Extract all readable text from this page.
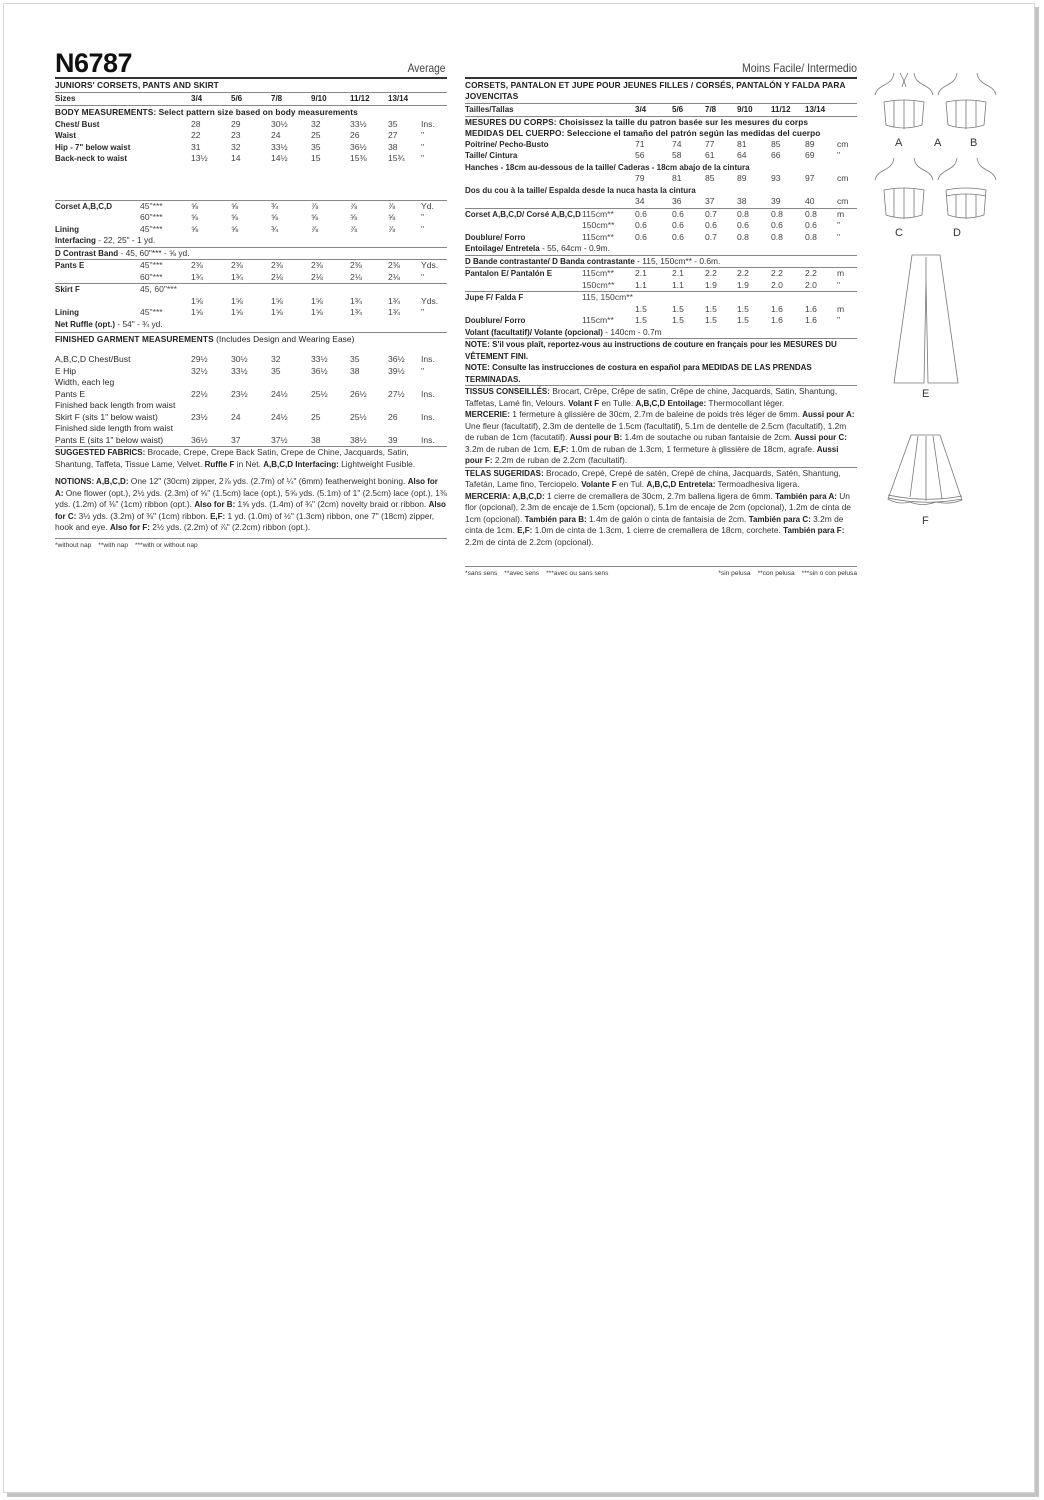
N6787	Average
JUNIORS' CORSETS, PANTS AND SKIRT
Sizes	3/4	5/6	7/8	9/10	11/12 13/14
BODY MEASUREMENTS: Select pattern size based on body measurements
Chest/ Bust	28	29	30½	32	33½ 35	Ins.
Waist	22	23	24	25	26	27	"
Hip - 7" below waist	31	32	33½	35	36½ 38	"
Back-neck to waist	13½	14	14½	15	15⅜ 15¾ "
Corset A,B,C,D	45"***	⅝	⅝	¾	⅞	⅞	⅞	Yd.
60"***	⅝	⅝	⅝	⅝	⅝	⅝	"
Lining	45"***	⅝	⅝	¾	⅞	⅞	⅞	"
Interfacing - 22, 25" - 1 yd.
D Contrast Band - 45, 60"*** - ⅝ yd.
Pants E	45"***	2⅜	2⅜	2⅜	2⅜	2⅜	2⅜ Yds.
60"***	1¾	1¾	2⅛	2⅛	2⅛	2⅛ "
Skirt F	45, 60"***
1⅝	1⅝	1⅝	1⅝	1¾	1¾ Yds.
Lining	45"***	1⅝	1⅝	1⅝	1⅝	1¾	1¾ "
Net Ruffle (opt.) - 54" - ¾ yd.
FINISHED GARMENT MEASUREMENTS (Includes Design and Wearing Ease)
A,B,C,D Chest/Bust	29½	30½	32	33½	35	36½ Ins.
E Hip	32½	33½	35	36½	38	39½ "
Width, each leg
Pants E	22½	23½	24½	25½	26½ 27½ Ins.
Finished back length from waist
Skirt F (sits 1" below waist)	23½	24	24½	25	25½ 26	Ins.
Finished side length from waist
Pants E (sits 1" below waist)	36½	37	37½	38	38½ 39	Ins.
SUGGESTED FABRICS: Brocade, Crepe, Crepe Back Satin, Crepe de Chine, Jacquards, Satin, Shantung, Taffeta, Tissue Lame, Velvet. Ruffle F in Net. A,B,C,D Interfacing: Lightweight Fusible.
NOTIONS: A,B,C,D: One 12" (30cm) zipper, 2⅞ yds. (2.7m) of ¼" (6mm) featherweight boning. Also for A: One flower (opt.), 2½ yds. (2.3m) of ⅝" (1.5cm) lace (opt.), 5⅝ yds. (5.1m) of 1" (2.5cm) lace (opt.), 1⅜ yds. (1.2m) of ⅜" (1cm) ribbon (opt.). Also for B: 1⅝ yds. (1.4m) of ¾" (2cm) novelty braid or ribbon. Also for C: 3½ yds. (3.2m) of ⅜" (1cm) ribbon. E,F: 1 yd. (1.0m) of ½" (1.3cm) ribbon, one 7" (18cm) zipper, hook and eye. Also for F: 2½ yds. (2.2m) of ⅞" (2.2cm) ribbon (opt.).
*without nap **with nap ***with or without nap
Moins Facile/ Intermedio
CORSETS, PANTALON ET JUPE POUR JEUNES FILLES / CORSÉS, PANTALÓN Y FALDA PARA JOVENCITAS
Tailles/Tallas	3/4	5/6	7/8	9/10 11/12 13/14
MESURES DU CORPS: Choisissez la taille du patron basée sur les mesures du corps
MEDIDAS DEL CUERPO: Seleccione el tamaño del patrón según las medidas del cuerpo
Poitrine/ Pecho-Busto	71	74	77	81	85	89	cm
Taille/ Cintura	56	58	61	64	66	69	"
Hanches - 18cm au-dessous de la taille/ Caderas - 18cm abajo de la cintura
79	81	85	89	93	97	cm
Dos du cou à la taille/ Espalda desde la nuca hasta la cintura
34	36	37	38	39	40	cm
Corset A,B,C,D/ Corsé A,B,C,D 115cm** 0.6	0.6 0.7 0.8	0.8	0.8 m
150cm** 0.6	0.6 0.6 0.6	0.6	0.6 "
Doublure/ Forro	115cm** 0.6	0.6 0.7 0.8	0.8	0.8 "
Entoilage/ Entretela - 55, 64cm - 0.9m.
D Bande contrastante/ D Banda contrastante - 115, 150cm** - 0.6m.
Pantalon E/ Pantalón E	115cm** 2.1	2.1 2.2 2.2	2.2	2.2 m
150cm** 1.1	1.1 1.9 1.9	2.0	2.0 "
Jupe F/ Falda F	115, 150cm**
1.5	1.5 1.5 1.5	1.6	1.6 m
Doublure/ Forro	115cm** 1.5	1.5 1.5 1.5	1.6	1.6 "
Volant (facultatif)/ Volante (opcional) - 140cm - 0.7m
NOTE: S'il vous plaît, reportez-vous au instructions de couture en français pour les MESURES DU VÊTEMENT FINI.
NOTE: Consulte las instrucciones de costura en español para MEDIDAS DE LAS PRENDAS TERMINADAS.
TISSUS CONSEILLÉS: Brocart, Crêpe, Crêpe de satin, Crêpe de chine, Jacquards, Satin, Shantung, Taffetas, Lamé fin, Velours. Volant F en Tulle. A,B,C,D Entoilage: Thermocollant léger.
MERCERIE: 1 fermeture à glissière de 30cm, 2.7m de baleine de poids très léger de 6mm. Aussi pour A: Une fleur (facultatif), 2.3m de dentelle de 1.5cm (facultatif), 5.1m de dentelle de 2.5cm (facultatif), 1.2m de ruban de 1cm (facutatif). Aussi pour B: 1.4m de soutache ou ruban fantaisie de 2cm. Aussi pour C: 3.2m de ruban de 1cm. E,F: 1.0m de ruban de 1.3cm, 1 fermeture à glissière de 18cm, agrafe. Aussi pour F: 2.2m de ruban de 2.2cm (facultatif).
TELAS SUGERIDAS: Brocado, Crepé, Crepé de satén, Crepé de china, Jacquards, Satén, Shantung, Tafetán, Lame fino, Terciopelo. Volante F en Tul. A,B,C,D Entretela: Termoadhesiva ligera.
MERCERIA: A,B,C,D: 1 cierre de cremallera de 30cm, 2.7m ballena ligera de 6mm. También para A: Un flor (opcional), 2.3m de encaje de 1.5cm (opcional), 5.1m de encaje de 2cm (opcional), 1.2m de cinta de 1cm (opcional). También para B: 1.4m de galón o cinta de fantaisia de 2cm. También para C: 3.2m de cinta de 1cm. E,F: 1.0m de cinta de 1.3cm, 1 cierre de cremallera de 18cm, corchete. También para F: 2.2m de cinta de 2.2cm (opcional).
*sans sens **avec sens ***avec ou sans sens	*sin pelusa **con pelusa ***sin o con pelusa
A	A	B
C	D
E
F
